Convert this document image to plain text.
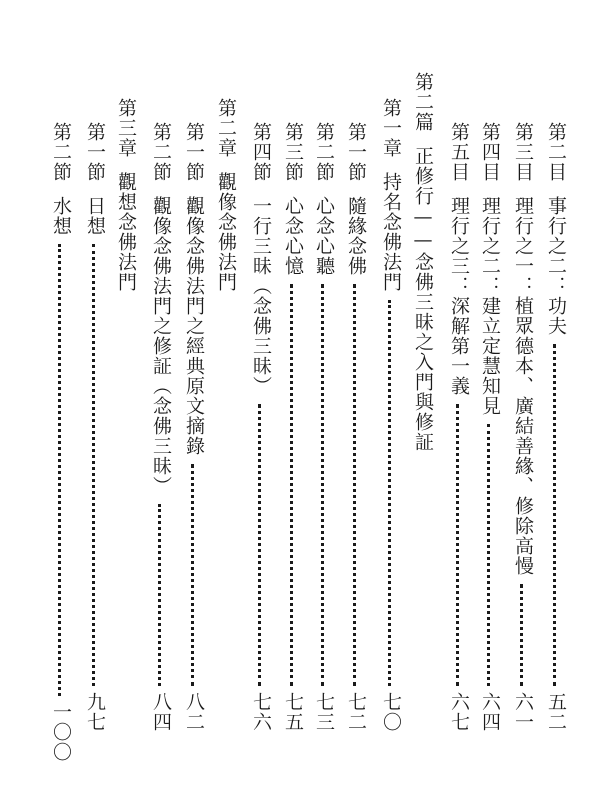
第二目
事行之二：功夫
五二
第三目
理行之一：植眾德本、廣結善緣、修除高慢
六一
第四目
理行之二：建立定慧知見
六四
第五目
理行之三：深解第一義
六七
第二篇
正修行——念佛三昧之入門與修証
第一章
持名念佛法門
七〇
第一節
隨緣念佛
七二
第二節
心念心聽
七三
第三節
心念心憶
七五
第四節
一行三昧（念佛三昧）
七六
第二章
觀像念佛法門
第一節
觀像念佛法門之經典原文摘錄
八二
第二節
觀像念佛法門之修証（念佛三昧）
八四
第三章
觀想念佛法門
第一節
日想
九七
第二節
水想
一〇〇
